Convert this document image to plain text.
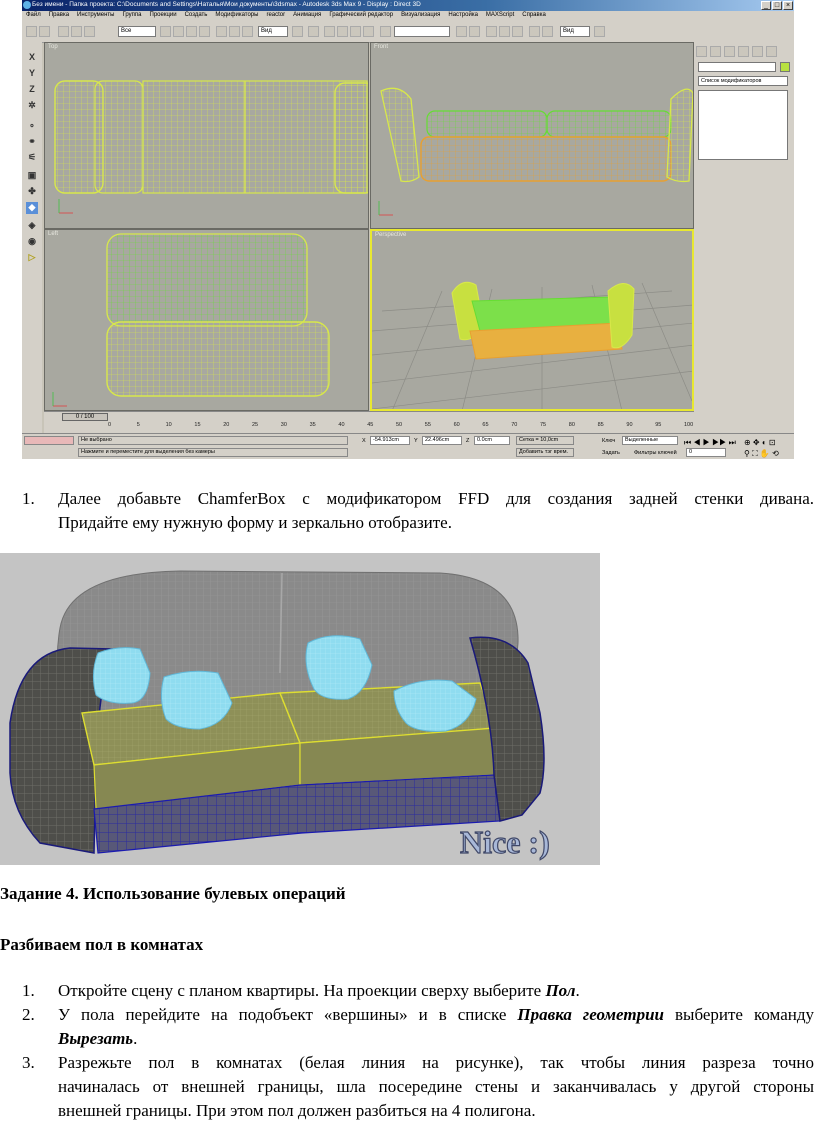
Без имени - Папка проекта: C:\Documents and Settings\Наталья\Мои документы\3dsmax - Autodesk 3ds Max 9 - Display : Direct 3D	_ □ ×
Файл Правка Инструменты Группа Проекции Создать Модификаторы reactor Анимация Графический редактор Визуализация Настройка MAXScript Справка
Все	Вид	Вид
X
Y
Z
✲
∘
⚭
⚟
▣
✤
◆
◈
◉
▷
Top	Front
Left	Perspective
Список модификаторов
0 / 100
0	5	10	15	20	25	30	35	40	45	50	55	60	65	70	75	80	85	90	95	100
Не выбрано
Нажмите и переместите для выделения без камеры
X	-54.913cm	Y	22.496cm	Z	0.0cm	Сетка = 10,0cm
Добавить тэг врем.
Ключ	Выделенные
Задать	Фильтры ключей
⏮ ◀ ▶ ▶▶ ⏭
0
⊕ ✥ ◐ ⊡
⚲ ⛶ ✋ ⟲
1. Далее добавьте ChamferBox с модификатором FFD для создания задней стенки дивана.
Придайте ему нужную форму и зеркально отобразите.
Nice :)
Задание 4. Использование булевых операций
Разбиваем пол в комнатах
1. Откройте сцену с планом квартиры. На проекции сверху выберите Пол.
2. У пола перейдите на подобъект «вершины» и в списке Правка геометрии выберите команду
Вырезать.
3. Разрежьте пол в комнатах (белая линия на рисунке), так чтобы линия разреза точно
начиналась от внешней границы, шла посередине стены и заканчивалась у другой стороны
внешней границы. При этом пол должен разбиться на 4 полигона.
